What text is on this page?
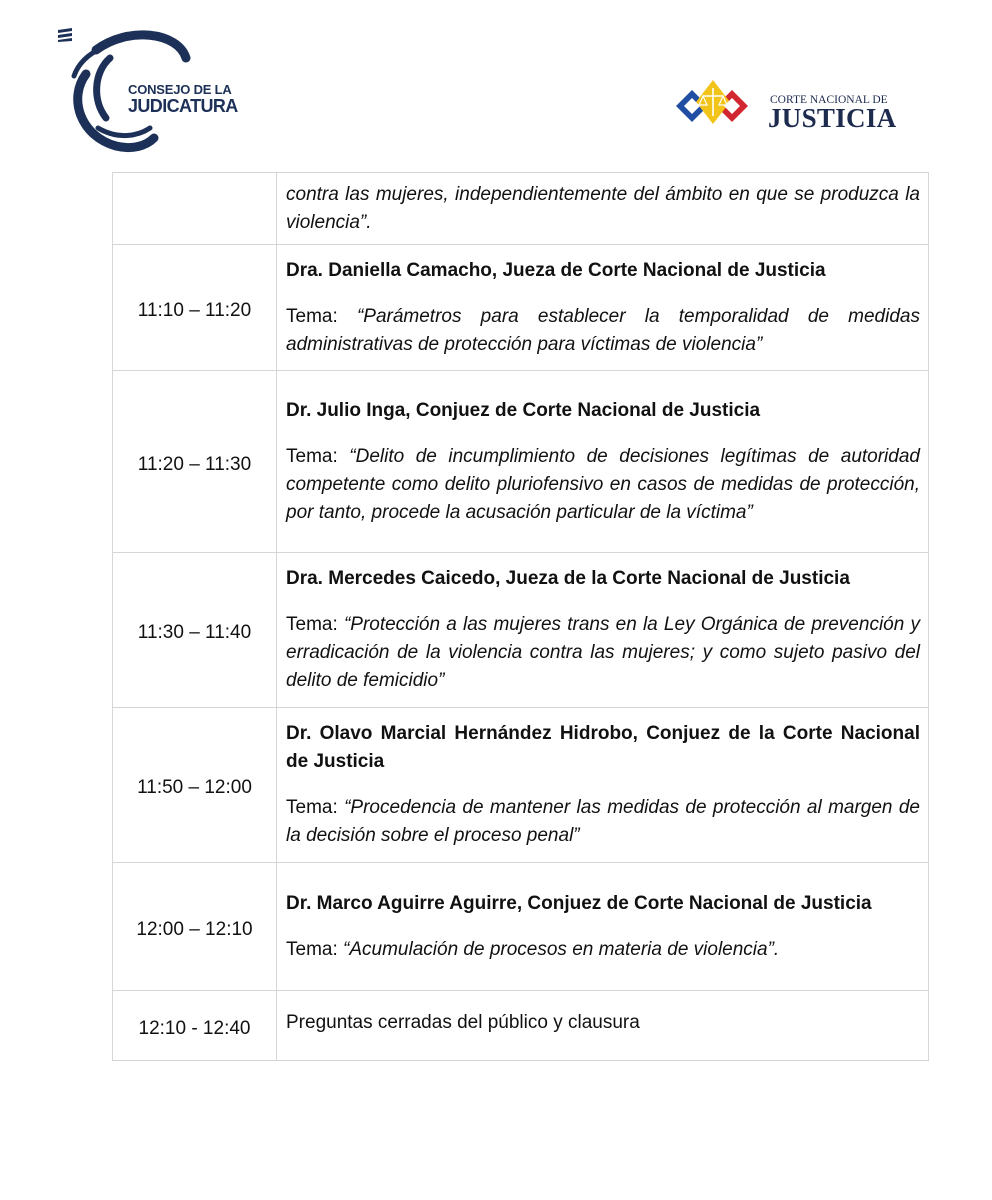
CONSEJO DE LA
JUDICATURA	CORTE NACIONAL DE
JUSTICIA

	contra las mujeres, independientemente del ámbito en que se produzca la violencia”.

11:10 – 11:20	Dra. Daniella Camacho, Jueza de Corte Nacional de Justicia

Tema: “Parámetros para establecer la temporalidad de medidas administrativas de protección para víctimas de violencia”

11:20 – 11:30	Dr. Julio Inga, Conjuez de Corte Nacional de Justicia

Tema: “Delito de incumplimiento de decisiones legítimas de autoridad competente como delito pluriofensivo en casos de medidas de protección, por tanto, procede la acusación particular de la víctima”

11:30 – 11:40	Dra. Mercedes Caicedo, Jueza de la Corte Nacional de Justicia

Tema: “Protección a las mujeres trans en la Ley Orgánica de prevención y erradicación de la violencia contra las mujeres; y como sujeto pasivo del delito de femicidio”

11:50 – 12:00	Dr. Olavo Marcial Hernández Hidrobo, Conjuez de la Corte Nacional de Justicia

Tema: “Procedencia de mantener las medidas de protección al margen de la decisión sobre el proceso penal”

12:00 – 12:10	Dr. Marco Aguirre Aguirre, Conjuez de Corte Nacional de Justicia

Tema: “Acumulación de procesos en materia de violencia”.

12:10 - 12:40	Preguntas cerradas del público y clausura
